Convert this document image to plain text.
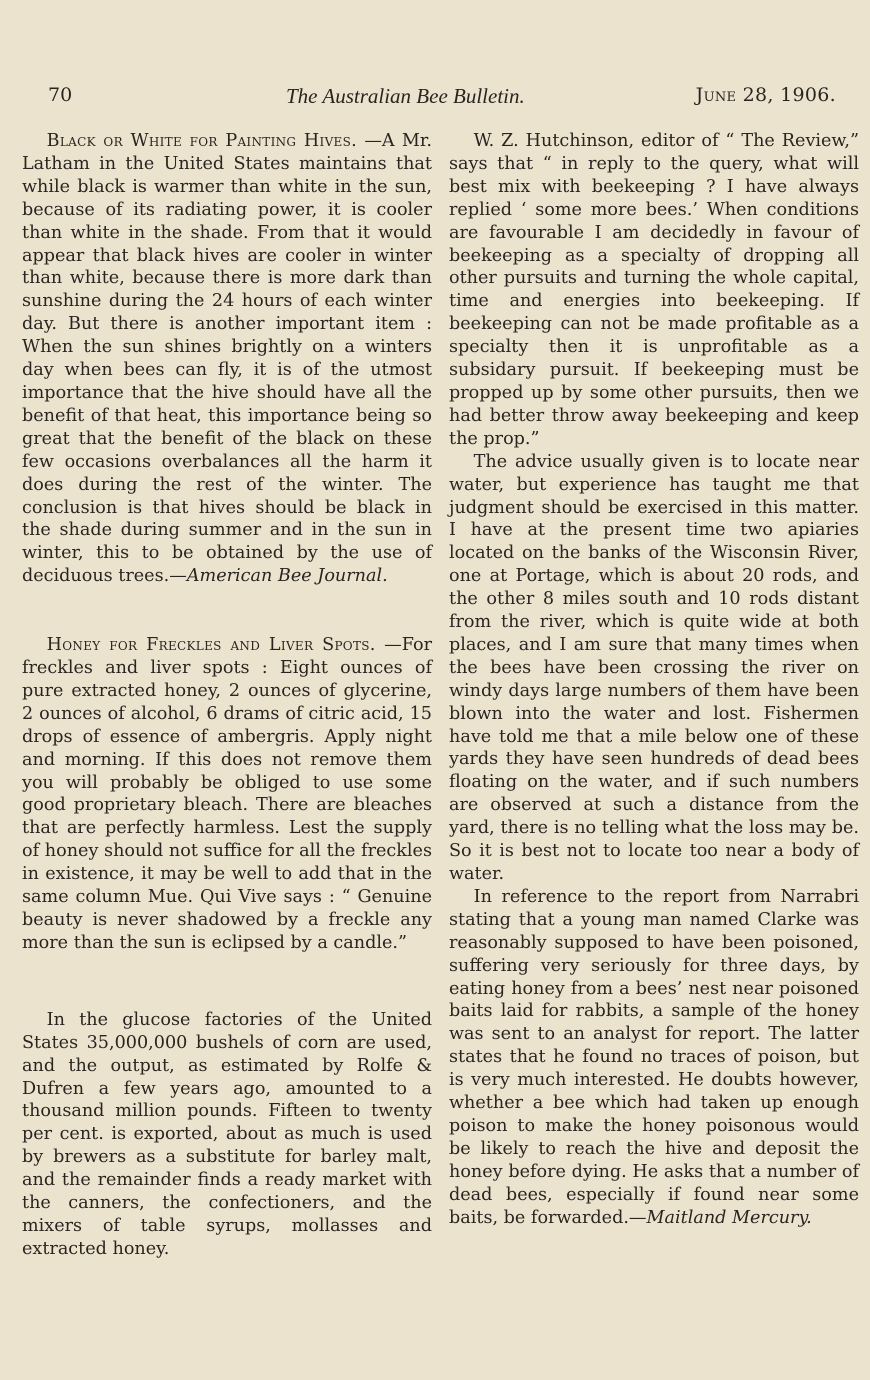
70	The Australian Bee Bulletin.	June 28, 1906.

Black or White for Painting Hives. —A Mr. Latham in the United States maintains that while black is warmer than white in the sun, because of its radiating power, it is cooler than white in the shade. From that it would appear that black hives are cooler in winter than white, because there is more dark than sunshine during the 24 hours of each winter day. But there is another important item : When the sun shines brightly on a winters day when bees can fly, it is of the utmost importance that the hive should have all the benefit of that heat, this importance being so great that the benefit of the black on these few occasions overbalances all the harm it does during the rest of the winter. The conclusion is that hives should be black in the shade during summer and in the sun in winter, this to be obtained by the use of deciduous trees.—American Bee Journal.

Honey for Freckles and Liver Spots. —For freckles and liver spots : Eight ounces of pure extracted honey, 2 ounces of glycerine, 2 ounces of alcohol, 6 drams of citric acid, 15 drops of essence of ambergris. Apply night and morning. If this does not remove them you will probably be obliged to use some good proprietary bleach. There are bleaches that are perfectly harmless. Lest the supply of honey should not suffice for all the freckles in existence, it may be well to add that in the same column Mue. Qui Vive says : “ Genuine beauty is never shadowed by a freckle any more than the sun is eclipsed by a candle.”

In the glucose factories of the United States 35,000,000 bushels of corn are used, and the output, as estimated by Rolfe & Dufren a few years ago, amounted to a thousand million pounds. Fifteen to twenty per cent. is exported, about as much is used by brewers as a substitute for barley malt, and the remainder finds a ready market with the canners, the confectioners, and the mixers of table syrups, mollasses and extracted honey.

W. Z. Hutchinson, editor of “ The Review,” says that “ in reply to the query, what will best mix with beekeeping ? I have always replied ‘ some more bees.’ When conditions are favourable I am decidedly in favour of beekeeping as a specialty of dropping all other pursuits and turning the whole capital, time and energies into beekeeping. If beekeeping can not be made profitable as a specialty then it is unprofitable as a subsidary pursuit. If beekeeping must be propped up by some other pursuits, then we had better throw away beekeeping and keep the prop.”

The advice usually given is to locate near water, but experience has taught me that judgment should be exercised in this matter. I have at the present time two apiaries located on the banks of the Wisconsin River, one at Portage, which is about 20 rods, and the other 8 miles south and 10 rods distant from the river, which is quite wide at both places, and I am sure that many times when the bees have been crossing the river on windy days large numbers of them have been blown into the water and lost. Fishermen have told me that a mile below one of these yards they have seen hundreds of dead bees floating on the water, and if such numbers are observed at such a distance from the yard, there is no telling what the loss may be. So it is best not to locate too near a body of water.

In reference to the report from Narrabri stating that a young man named Clarke was reasonably supposed to have been poisoned, suffering very seriously for three days, by eating honey from a bees’ nest near poisoned baits laid for rabbits, a sample of the honey was sent to an analyst for report. The latter states that he found no traces of poison, but is very much interested. He doubts however, whether a bee which had taken up enough poison to make the honey poisonous would be likely to reach the hive and deposit the honey before dying. He asks that a number of dead bees, especially if found near some baits, be forwarded.—Maitland Mercury.
